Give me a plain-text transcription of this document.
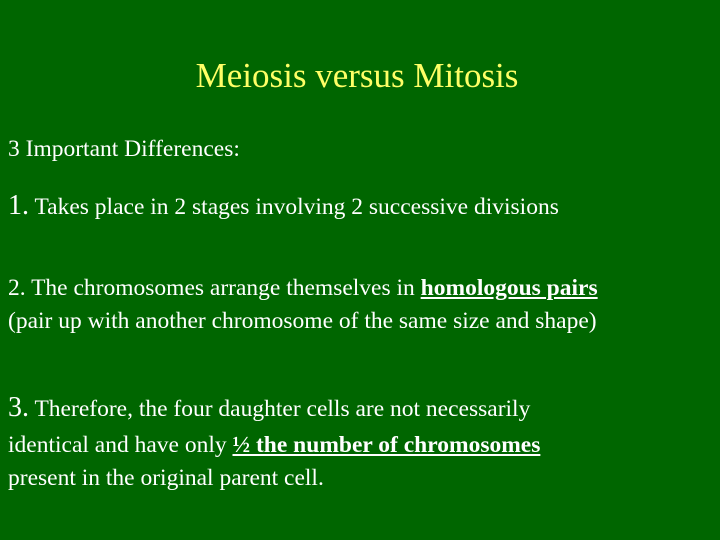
Meiosis versus Mitosis
3 Important Differences:
1. Takes place in 2 stages involving 2 successive divisions
2. The chromosomes arrange themselves in homologous pairs
(pair up with another chromosome of the same size and shape)
3. Therefore, the four daughter cells are not necessarily
identical and have only ½ the number of chromosomes
present in the original parent cell.
